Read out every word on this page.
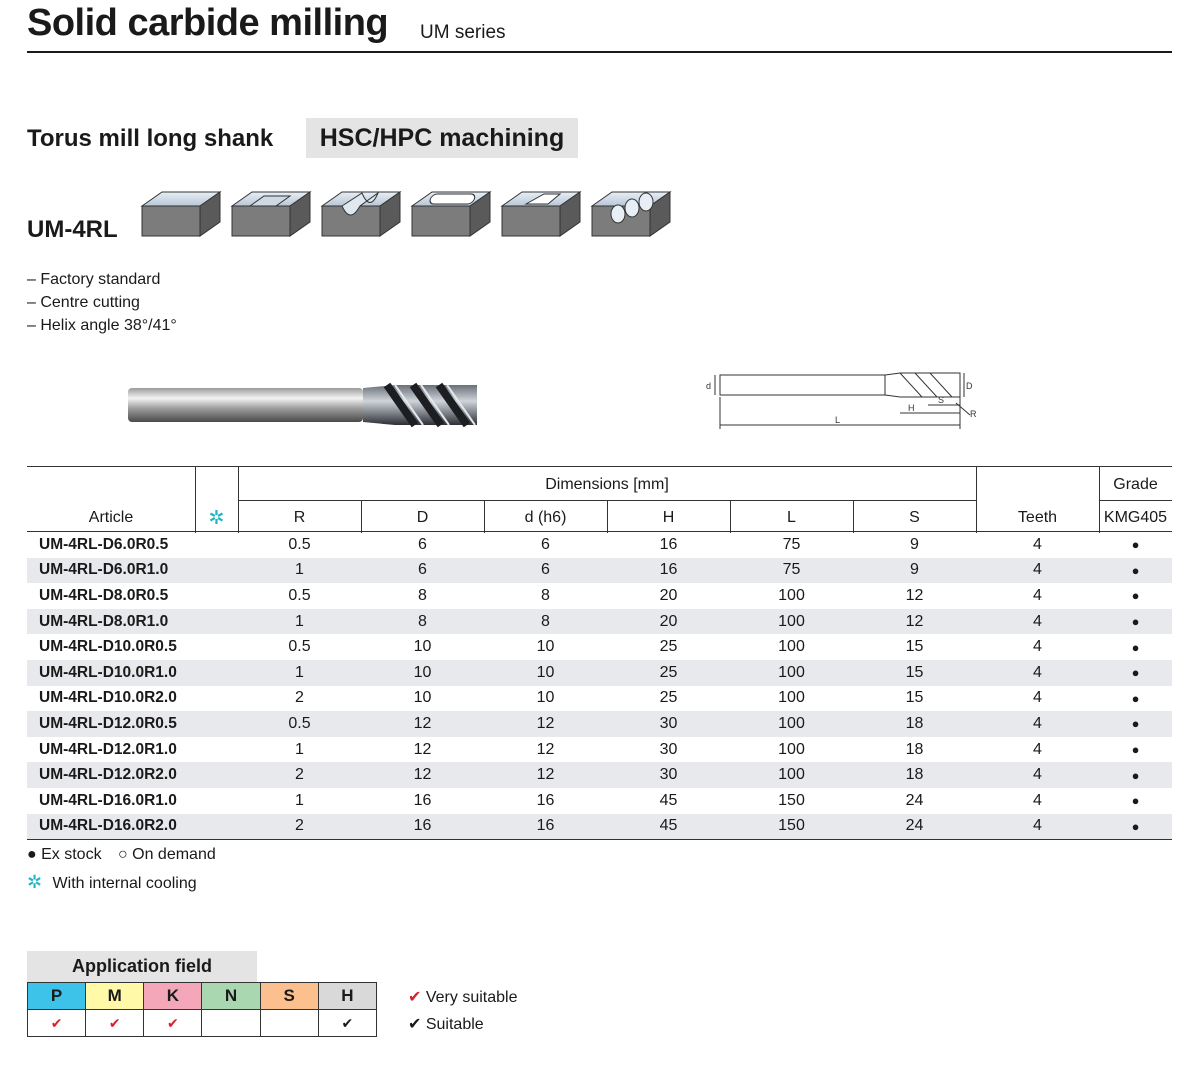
Solid carbide milling UM series
Torus mill long shank	HSC/HPC machining
UM-4RL
– Factory standard
– Centre cutting
– Helix angle 38°/41°
d	D
H
S
L
R
Article	✲
Dimensions [mm]
R	D	d (h6)	H	L	S	Teeth
Grade
KMG405
UM-4RL-D6.0R0.5	0.5	6	6	16	75	9	4	●
UM-4RL-D6.0R1.0	1	6	6	16	75	9	4	●
UM-4RL-D8.0R0.5	0.5	8	8	20	100	12	4	●
UM-4RL-D8.0R1.0	1	8	8	20	100	12	4	●
UM-4RL-D10.0R0.5	0.5	10	10	25	100	15	4	●
UM-4RL-D10.0R1.0	1	10	10	25	100	15	4	●
UM-4RL-D10.0R2.0	2	10	10	25	100	15	4	●
UM-4RL-D12.0R0.5	0.5	12	12	30	100	18	4	●
UM-4RL-D12.0R1.0	1	12	12	30	100	18	4	●
UM-4RL-D12.0R2.0	2	12	12	30	100	18	4	●
UM-4RL-D16.0R1.0	1	16	16	45	150	24	4	●
UM-4RL-D16.0R2.0	2	16	16	45	150	24	4	●
● Ex stock ○ On demand
✲ With internal cooling
Application field
P	M	K	N	S	H
✔	✔	✔			✔
✔ Very suitable
✔ Suitable
